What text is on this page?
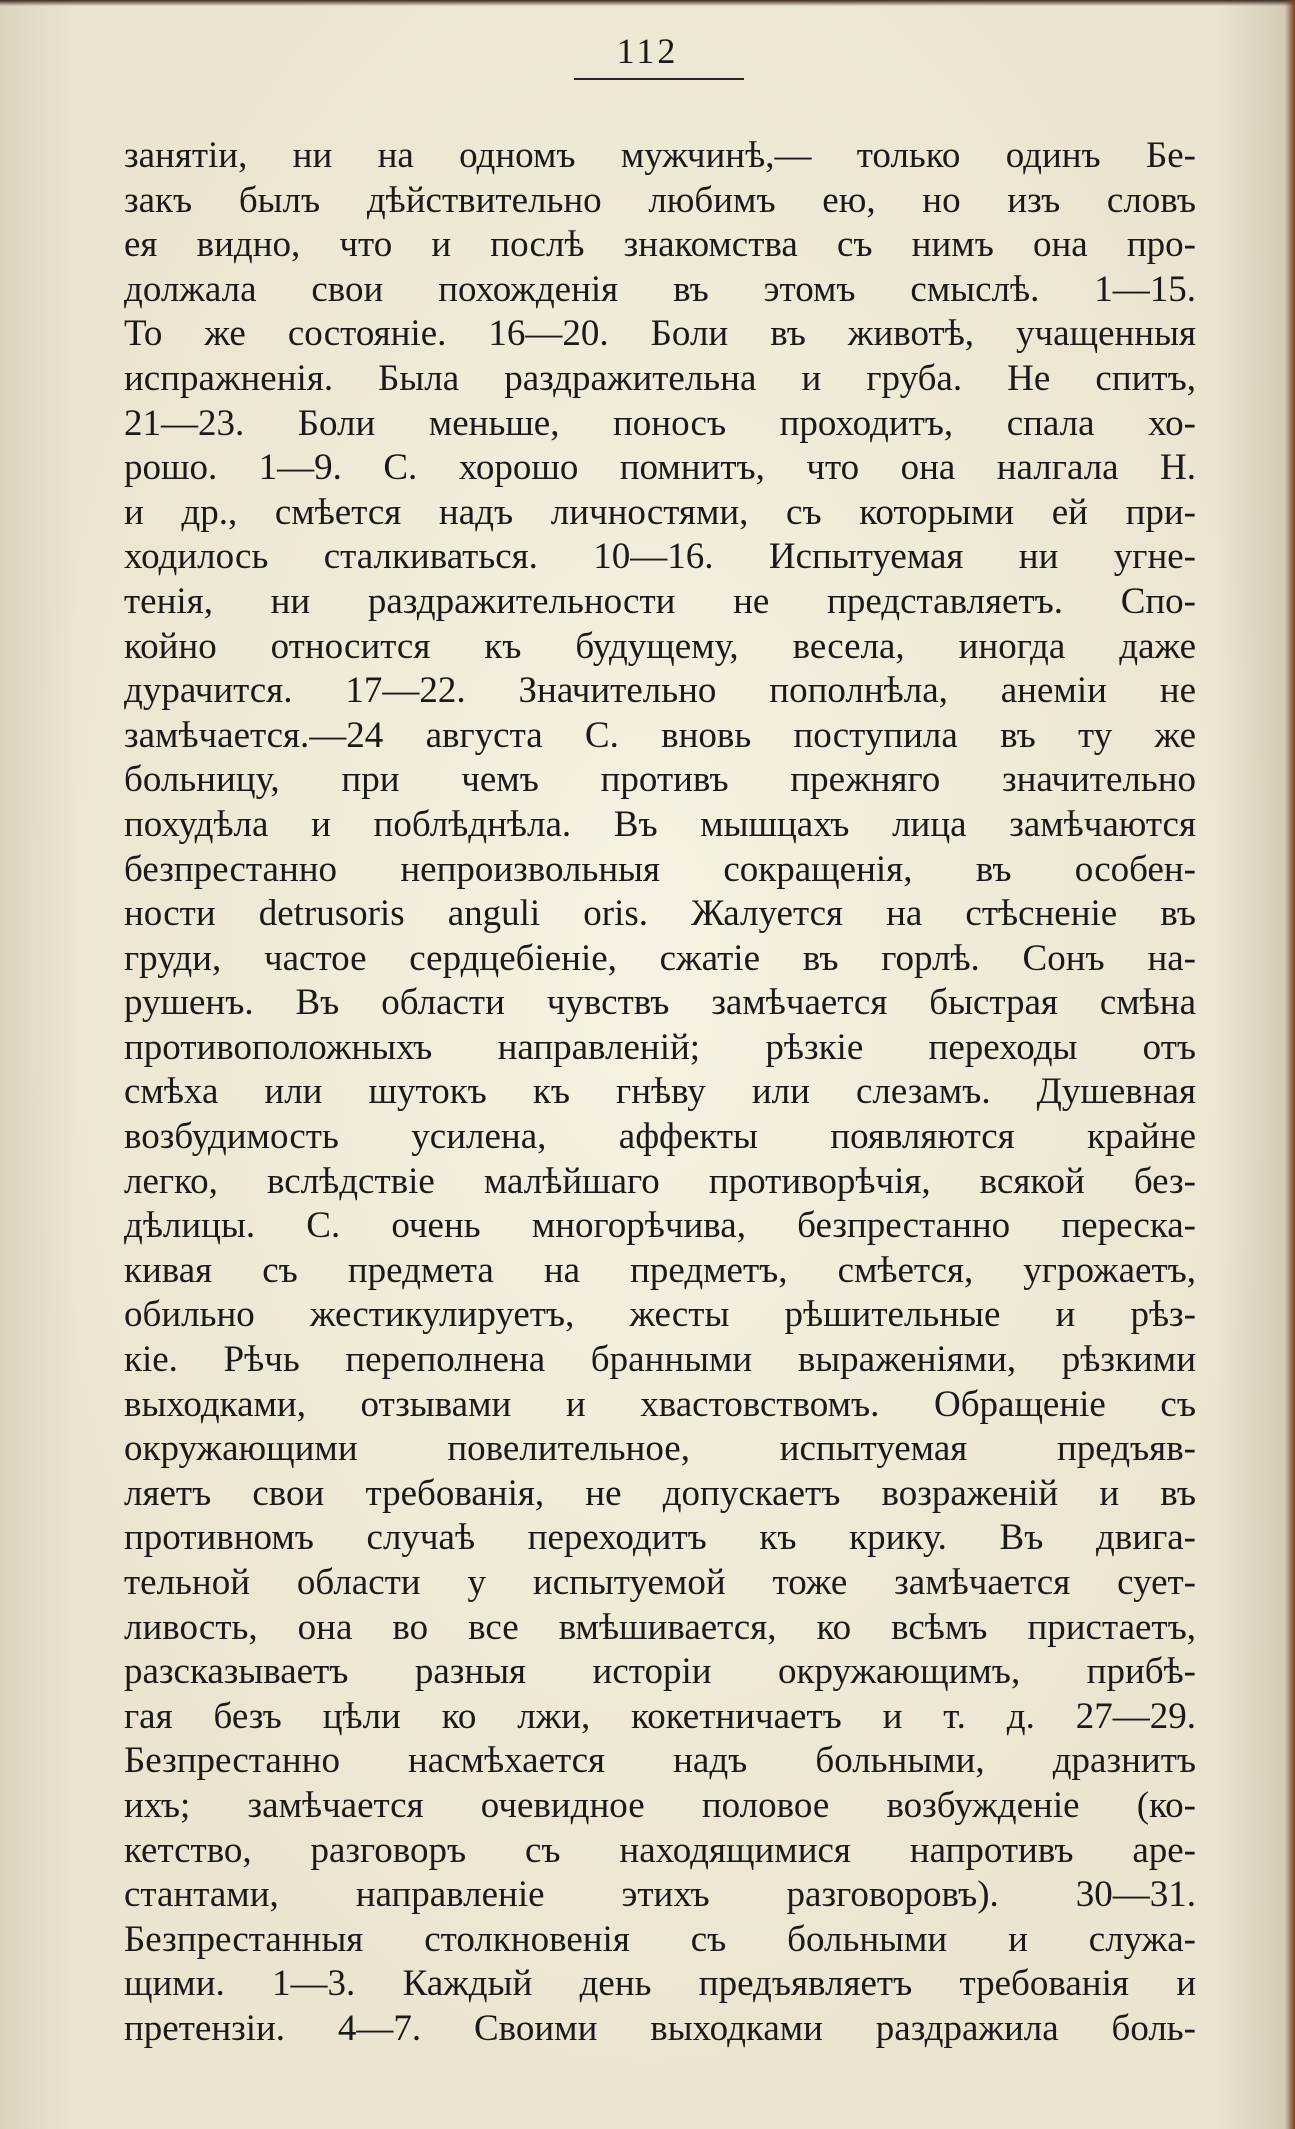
112
занятіи, ни на одномъ мужчинѣ,— только одинъ Бе-
закъ былъ дѣйствительно любимъ ею, но изъ словъ
ея видно, что и послѣ знакомства съ нимъ она про-
должала свои похожденія въ этомъ смыслѣ. 1—15.
То же состояніе. 16—20. Боли въ животѣ, учащенныя
испражненія. Была раздражительна и груба. Не спитъ,
21—23. Боли меньше, поносъ проходитъ, спала хо-
рошо. 1—9. С. хорошо помнитъ, что она налгала Н.
и др., смѣется надъ личностями, съ которыми ей при-
ходилось сталкиваться. 10—16. Испытуемая ни угне-
тенія, ни раздражительности не представляетъ. Спо-
койно относится къ будущему, весела, иногда даже
дурачится. 17—22. Значительно пополнѣла, анеміи не
замѣчается.—24 августа С. вновь поступила въ ту же
больницу, при чемъ противъ прежняго значительно
похудѣла и поблѣднѣла. Въ мышцахъ лица замѣчаются
безпрестанно непроизвольныя сокращенія, въ особен-
ности detrusoris anguli oris. Жалуется на стѣсненіе въ
груди, частое сердцебіеніе, сжатіе въ горлѣ. Сонъ на-
рушенъ. Въ области чувствъ замѣчается быстрая смѣна
противоположныхъ направленій; рѣзкіе переходы отъ
смѣха или шутокъ къ гнѣву или слезамъ. Душевная
возбудимость усилена, аффекты появляются крайне
легко, вслѣдствіе малѣйшаго противорѣчія, всякой без-
дѣлицы. С. очень многорѣчива, безпрестанно переска-
кивая съ предмета на предметъ, смѣется, угрожаетъ,
обильно жестикулируетъ, жесты рѣшительные и рѣз-
кіе. Рѣчь переполнена бранными выраженіями, рѣзкими
выходками, отзывами и хвастовствомъ. Обращеніе съ
окружающими повелительное, испытуемая предъяв-
ляетъ свои требованія, не допускаетъ возраженій и въ
противномъ случаѣ переходитъ къ крику. Въ двига-
тельной области у испытуемой тоже замѣчается сует-
ливость, она во все вмѣшивается, ко всѣмъ пристаетъ,
разсказываетъ разныя исторіи окружающимъ, прибѣ-
гая безъ цѣли ко лжи, кокетничаетъ и т. д. 27—29.
Безпрестанно насмѣхается надъ больными, дразнитъ
ихъ; замѣчается очевидное половое возбужденіе (ко-
кетство, разговоръ съ находящимися напротивъ аре-
стантами, направленіе этихъ разговоровъ). 30—31.
Безпрестанныя столкновенія съ больными и служа-
щими. 1—3. Каждый день предъявляетъ требованія и
претензіи. 4—7. Своими выходками раздражила боль-
